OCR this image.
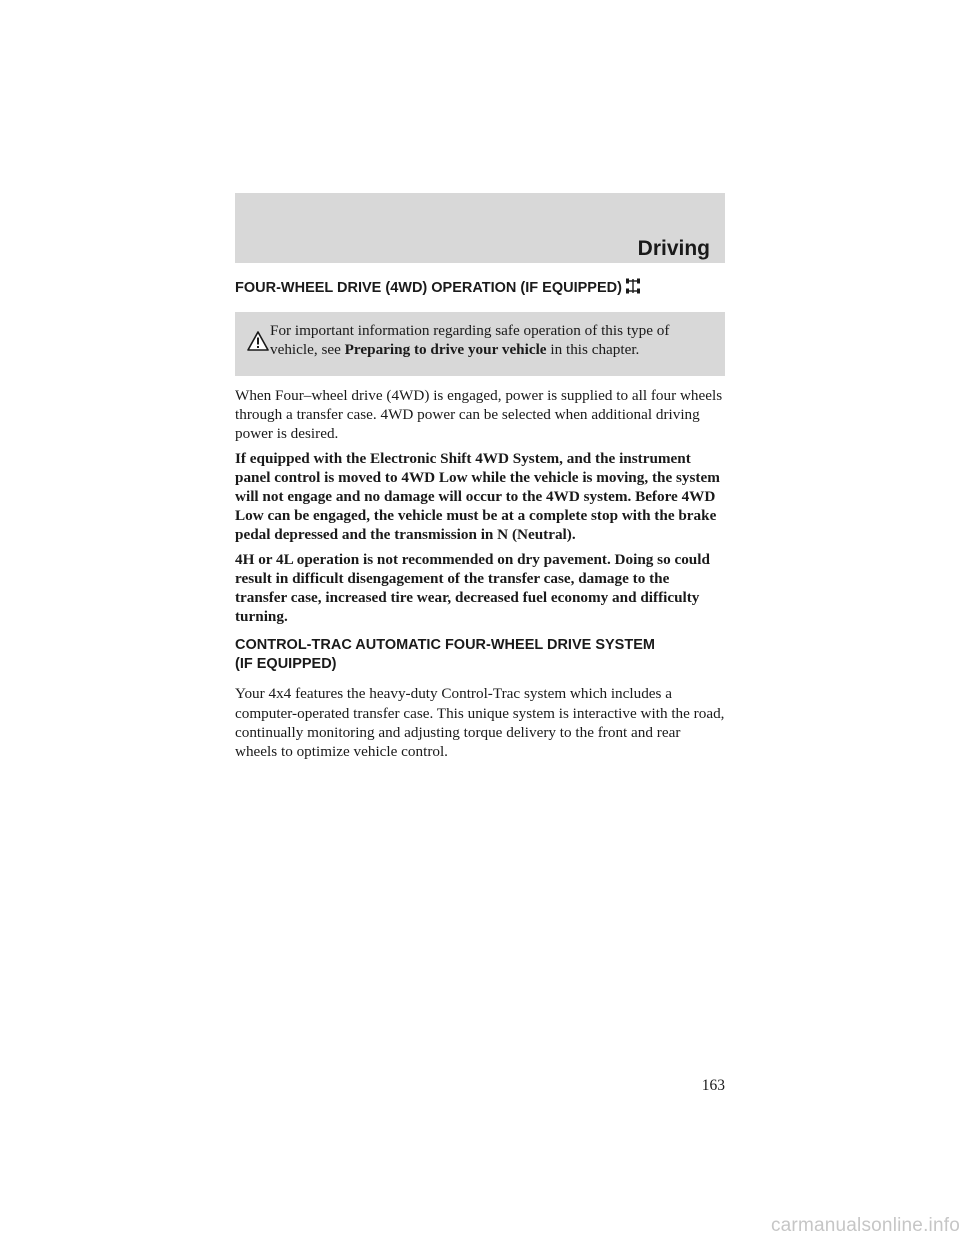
Driving
FOUR-WHEEL DRIVE (4WD) OPERATION (IF EQUIPPED)
For important information regarding safe operation of this type of vehicle, see Preparing to drive your vehicle in this chapter.

When Four–wheel drive (4WD) is engaged, power is supplied to all four wheels through a transfer case. 4WD power can be selected when additional driving power is desired.

If equipped with the Electronic Shift 4WD System, and the instrument panel control is moved to 4WD Low while the vehicle is moving, the system will not engage and no damage will occur to the 4WD system. Before 4WD Low can be engaged, the vehicle must be at a complete stop with the brake pedal depressed and the transmission in N (Neutral).

4H or 4L operation is not recommended on dry pavement. Doing so could result in difficult disengagement of the transfer case, damage to the transfer case, increased tire wear, decreased fuel economy and difficulty turning.

CONTROL-TRAC AUTOMATIC FOUR-WHEEL DRIVE SYSTEM
(IF EQUIPPED)

Your 4x4 features the heavy-duty Control-Trac system which includes a computer-operated transfer case. This unique system is interactive with the road, continually monitoring and adjusting torque delivery to the front and rear wheels to optimize vehicle control.

163
carmanualsonline.info
